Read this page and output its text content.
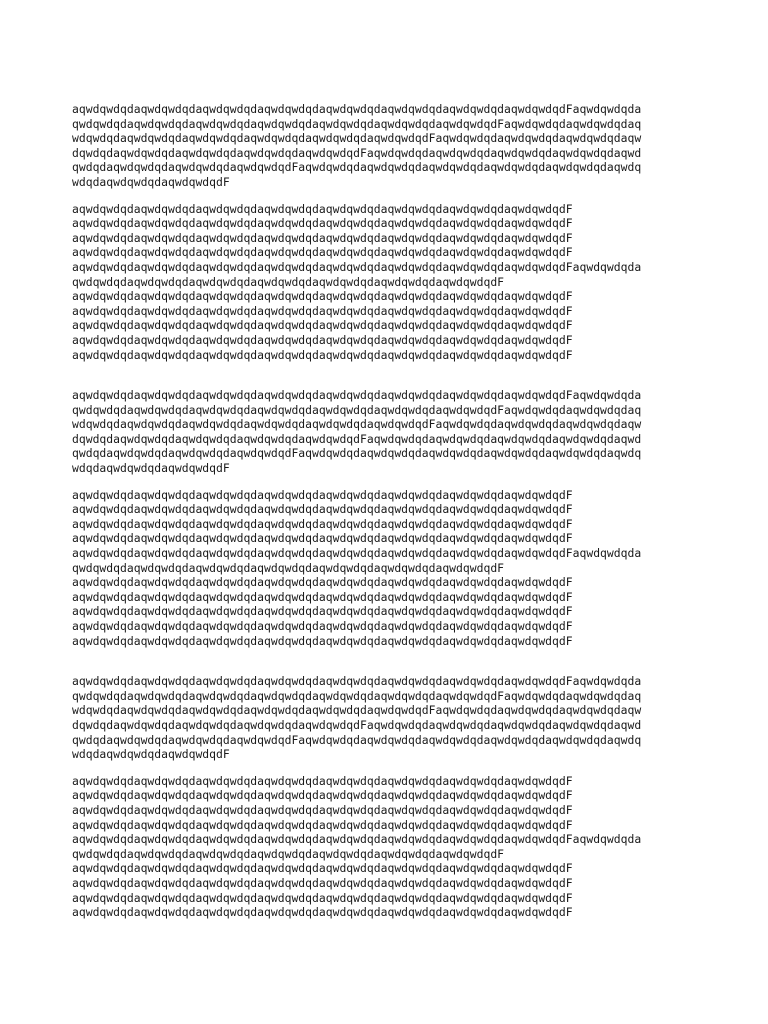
aqwdqwdqdaqwdqwdqdaqwdqwdqdaqwdqwdqdaqwdqwdqdaqwdqwdqdaqwdqwdqdaqwdqwdqdFaqwdqwdqda
qwdqwdqdaqwdqwdqdaqwdqwdqdaqwdqwdqdaqwdqwdqdaqwdqwdqdaqwdqwdqdFaqwdqwdqdaqwdqwdqdaq
wdqwdqdaqwdqwdqdaqwdqwdqdaqwdqwdqdaqwdqwdqdaqwdqwdqdFaqwdqwdqdaqwdqwdqdaqwdqwdqdaqw
dqwdqdaqwdqwdqdaqwdqwdqdaqwdqwdqdaqwdqwdqdFaqwdqwdqdaqwdqwdqdaqwdqwdqdaqwdqwdqdaqwd
qwdqdaqwdqwdqdaqwdqwdqdaqwdqwdqdFaqwdqwdqdaqwdqwdqdaqwdqwdqdaqwdqwdqdaqwdqwdqdaqwdq
wdqdaqwdqwdqdaqwdqwdqdF
aqwdqwdqdaqwdqwdqdaqwdqwdqdaqwdqwdqdaqwdqwdqdaqwdqwdqdaqwdqwdqdaqwdqwdqdF
aqwdqwdqdaqwdqwdqdaqwdqwdqdaqwdqwdqdaqwdqwdqdaqwdqwdqdaqwdqwdqdaqwdqwdqdF
aqwdqwdqdaqwdqwdqdaqwdqwdqdaqwdqwdqdaqwdqwdqdaqwdqwdqdaqwdqwdqdaqwdqwdqdF
aqwdqwdqdaqwdqwdqdaqwdqwdqdaqwdqwdqdaqwdqwdqdaqwdqwdqdaqwdqwdqdaqwdqwdqdF
aqwdqwdqdaqwdqwdqdaqwdqwdqdaqwdqwdqdaqwdqwdqdaqwdqwdqdaqwdqwdqdaqwdqwdqdFaqwdqwdqda
qwdqwdqdaqwdqwdqdaqwdqwdqdaqwdqwdqdaqwdqwdqdaqwdqwdqdaqwdqwdqdF
aqwdqwdqdaqwdqwdqdaqwdqwdqdaqwdqwdqdaqwdqwdqdaqwdqwdqdaqwdqwdqdaqwdqwdqdF
aqwdqwdqdaqwdqwdqdaqwdqwdqdaqwdqwdqdaqwdqwdqdaqwdqwdqdaqwdqwdqdaqwdqwdqdF
aqwdqwdqdaqwdqwdqdaqwdqwdqdaqwdqwdqdaqwdqwdqdaqwdqwdqdaqwdqwdqdaqwdqwdqdF
aqwdqwdqdaqwdqwdqdaqwdqwdqdaqwdqwdqdaqwdqwdqdaqwdqwdqdaqwdqwdqdaqwdqwdqdF
aqwdqwdqdaqwdqwdqdaqwdqwdqdaqwdqwdqdaqwdqwdqdaqwdqwdqdaqwdqwdqdaqwdqwdqdF
aqwdqwdqdaqwdqwdqdaqwdqwdqdaqwdqwdqdaqwdqwdqdaqwdqwdqdaqwdqwdqdaqwdqwdqdFaqwdqwdqda
qwdqwdqdaqwdqwdqdaqwdqwdqdaqwdqwdqdaqwdqwdqdaqwdqwdqdaqwdqwdqdFaqwdqwdqdaqwdqwdqdaq
wdqwdqdaqwdqwdqdaqwdqwdqdaqwdqwdqdaqwdqwdqdaqwdqwdqdFaqwdqwdqdaqwdqwdqdaqwdqwdqdaqw
dqwdqdaqwdqwdqdaqwdqwdqdaqwdqwdqdaqwdqwdqdFaqwdqwdqdaqwdqwdqdaqwdqwdqdaqwdqwdqdaqwd
qwdqdaqwdqwdqdaqwdqwdqdaqwdqwdqdFaqwdqwdqdaqwdqwdqdaqwdqwdqdaqwdqwdqdaqwdqwdqdaqwdq
wdqdaqwdqwdqdaqwdqwdqdF
aqwdqwdqdaqwdqwdqdaqwdqwdqdaqwdqwdqdaqwdqwdqdaqwdqwdqdaqwdqwdqdaqwdqwdqdF
aqwdqwdqdaqwdqwdqdaqwdqwdqdaqwdqwdqdaqwdqwdqdaqwdqwdqdaqwdqwdqdaqwdqwdqdF
aqwdqwdqdaqwdqwdqdaqwdqwdqdaqwdqwdqdaqwdqwdqdaqwdqwdqdaqwdqwdqdaqwdqwdqdF
aqwdqwdqdaqwdqwdqdaqwdqwdqdaqwdqwdqdaqwdqwdqdaqwdqwdqdaqwdqwdqdaqwdqwdqdF
aqwdqwdqdaqwdqwdqdaqwdqwdqdaqwdqwdqdaqwdqwdqdaqwdqwdqdaqwdqwdqdaqwdqwdqdFaqwdqwdqda
qwdqwdqdaqwdqwdqdaqwdqwdqdaqwdqwdqdaqwdqwdqdaqwdqwdqdaqwdqwdqdF
aqwdqwdqdaqwdqwdqdaqwdqwdqdaqwdqwdqdaqwdqwdqdaqwdqwdqdaqwdqwdqdaqwdqwdqdF
aqwdqwdqdaqwdqwdqdaqwdqwdqdaqwdqwdqdaqwdqwdqdaqwdqwdqdaqwdqwdqdaqwdqwdqdF
aqwdqwdqdaqwdqwdqdaqwdqwdqdaqwdqwdqdaqwdqwdqdaqwdqwdqdaqwdqwdqdaqwdqwdqdF
aqwdqwdqdaqwdqwdqdaqwdqwdqdaqwdqwdqdaqwdqwdqdaqwdqwdqdaqwdqwdqdaqwdqwdqdF
aqwdqwdqdaqwdqwdqdaqwdqwdqdaqwdqwdqdaqwdqwdqdaqwdqwdqdaqwdqwdqdaqwdqwdqdF
aqwdqwdqdaqwdqwdqdaqwdqwdqdaqwdqwdqdaqwdqwdqdaqwdqwdqdaqwdqwdqdaqwdqwdqdFaqwdqwdqda
qwdqwdqdaqwdqwdqdaqwdqwdqdaqwdqwdqdaqwdqwdqdaqwdqwdqdaqwdqwdqdFaqwdqwdqdaqwdqwdqdaq
wdqwdqdaqwdqwdqdaqwdqwdqdaqwdqwdqdaqwdqwdqdaqwdqwdqdFaqwdqwdqdaqwdqwdqdaqwdqwdqdaqw
dqwdqdaqwdqwdqdaqwdqwdqdaqwdqwdqdaqwdqwdqdFaqwdqwdqdaqwdqwdqdaqwdqwdqdaqwdqwdqdaqwd
qwdqdaqwdqwdqdaqwdqwdqdaqwdqwdqdFaqwdqwdqdaqwdqwdqdaqwdqwdqdaqwdqwdqdaqwdqwdqdaqwdq
wdqdaqwdqwdqdaqwdqwdqdF
aqwdqwdqdaqwdqwdqdaqwdqwdqdaqwdqwdqdaqwdqwdqdaqwdqwdqdaqwdqwdqdaqwdqwdqdF
aqwdqwdqdaqwdqwdqdaqwdqwdqdaqwdqwdqdaqwdqwdqdaqwdqwdqdaqwdqwdqdaqwdqwdqdF
aqwdqwdqdaqwdqwdqdaqwdqwdqdaqwdqwdqdaqwdqwdqdaqwdqwdqdaqwdqwdqdaqwdqwdqdF
aqwdqwdqdaqwdqwdqdaqwdqwdqdaqwdqwdqdaqwdqwdqdaqwdqwdqdaqwdqwdqdaqwdqwdqdF
aqwdqwdqdaqwdqwdqdaqwdqwdqdaqwdqwdqdaqwdqwdqdaqwdqwdqdaqwdqwdqdaqwdqwdqdFaqwdqwdqda
qwdqwdqdaqwdqwdqdaqwdqwdqdaqwdqwdqdaqwdqwdqdaqwdqwdqdaqwdqwdqdF
aqwdqwdqdaqwdqwdqdaqwdqwdqdaqwdqwdqdaqwdqwdqdaqwdqwdqdaqwdqwdqdaqwdqwdqdF
aqwdqwdqdaqwdqwdqdaqwdqwdqdaqwdqwdqdaqwdqwdqdaqwdqwdqdaqwdqwdqdaqwdqwdqdF
aqwdqwdqdaqwdqwdqdaqwdqwdqdaqwdqwdqdaqwdqwdqdaqwdqwdqdaqwdqwdqdaqwdqwdqdF
aqwdqwdqdaqwdqwdqdaqwdqwdqdaqwdqwdqdaqwdqwdqdaqwdqwdqdaqwdqwdqdaqwdqwdqdF
